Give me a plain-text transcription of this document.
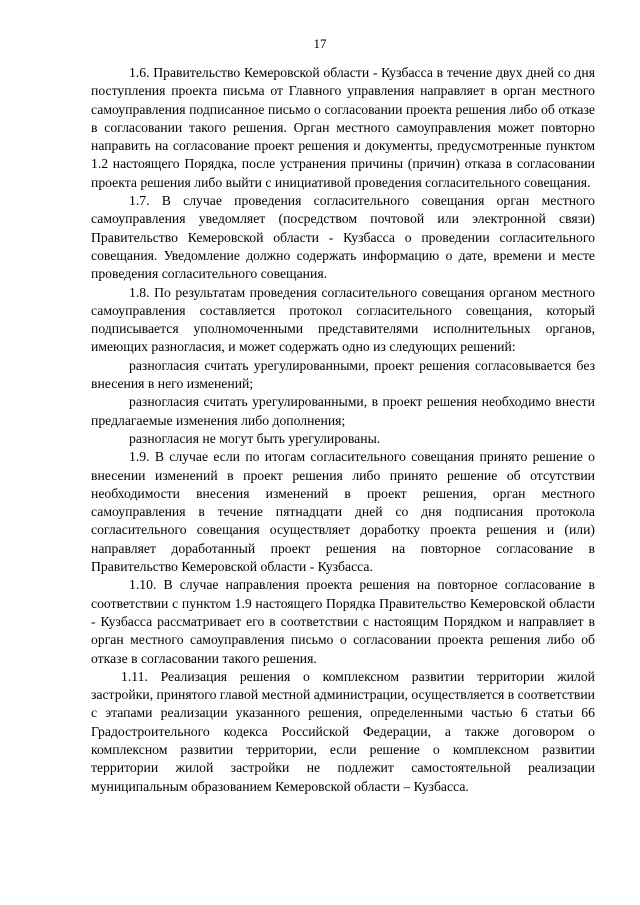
17

1.6. Правительство Кемеровской области - Кузбасса в течение двух дней со дня поступления проекта письма от Главного управления направляет в орган местного самоуправления подписанное письмо о согласовании проекта решения либо об отказе в согласовании такого решения. Орган местного самоуправления может повторно направить на согласование проект решения и документы, предусмотренные пунктом 1.2 настоящего Порядка, после устранения причины (причин) отказа в согласовании проекта решения либо выйти с инициативой проведения согласительного совещания.

1.7. В случае проведения согласительного совещания орган местного самоуправления уведомляет (посредством почтовой или электронной связи) Правительство Кемеровской области - Кузбасса о проведении согласительного совещания. Уведомление должно содержать информацию о дате, времени и месте проведения согласительного совещания.

1.8. По результатам проведения согласительного совещания органом местного самоуправления составляется протокол согласительного совещания, который подписывается уполномоченными представителями исполнительных органов, имеющих разногласия, и может содержать одно из следующих решений:

разногласия считать урегулированными, проект решения согласовывается без внесения в него изменений;

разногласия считать урегулированными, в проект решения необходимо внести предлагаемые изменения либо дополнения;

разногласия не могут быть урегулированы.

1.9. В случае если по итогам согласительного совещания принято решение о внесении изменений в проект решения либо принято решение об отсутствии необходимости внесения изменений в проект решения, орган местного самоуправления в течение пятнадцати дней со дня подписания протокола согласительного совещания осуществляет доработку проекта решения и (или) направляет доработанный проект решения на повторное согласование в Правительство Кемеровской области - Кузбасса.

1.10. В случае направления проекта решения на повторное согласование в соответствии с пунктом 1.9 настоящего Порядка Правительство Кемеровской области - Кузбасса рассматривает его в соответствии с настоящим Порядком и направляет в орган местного самоуправления письмо о согласовании проекта решения либо об отказе в согласовании такого решения.

1.11. Реализация решения о комплексном развитии территории жилой застройки, принятого главой местной администрации, осуществляется в соответствии с этапами реализации указанного решения, определенными частью 6 статьи 66 Градостроительного кодекса Российской Федерации, а также договором о комплексном развитии территории, если решение о комплексном развитии территории жилой застройки не подлежит самостоятельной реализации муниципальным образованием Кемеровской области – Кузбасса.
